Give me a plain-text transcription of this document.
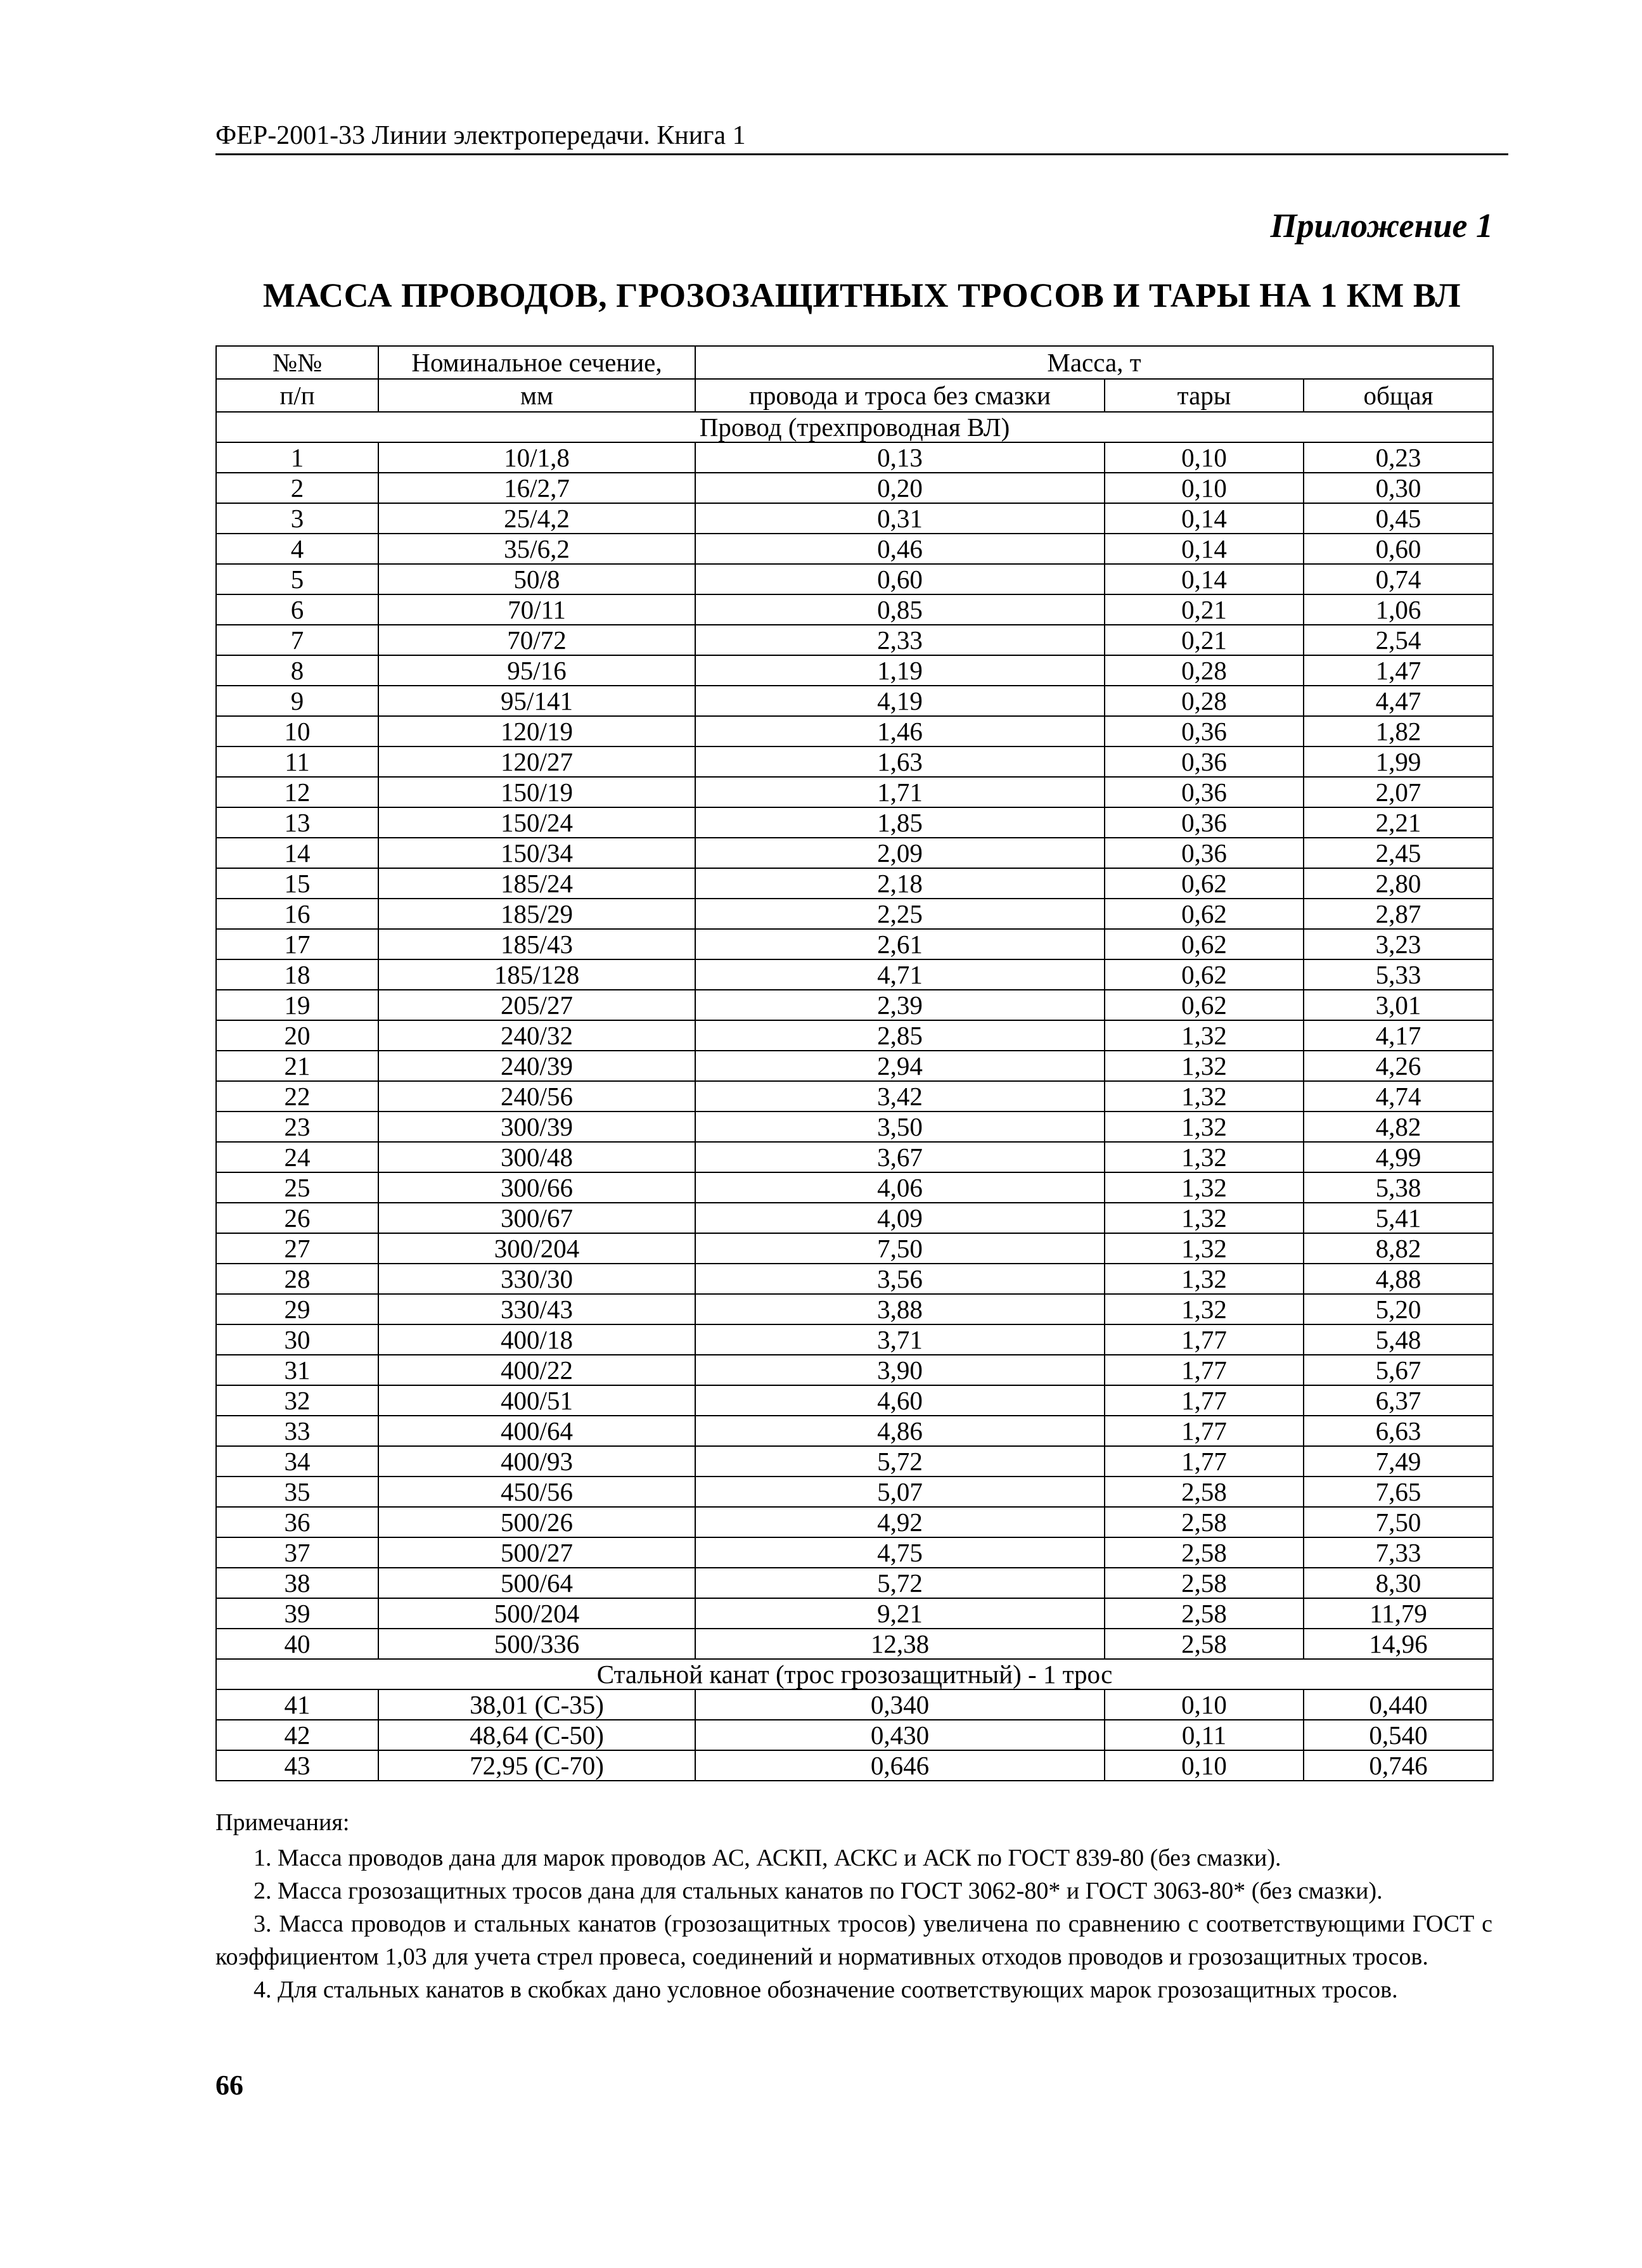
ФЕР-2001-33 Линии электропередачи. Книга 1
Приложение 1
МАССА ПРОВОДОВ, ГРОЗОЗАЩИТНЫХ ТРОСОВ И ТАРЫ НА 1 КМ ВЛ
№№	Номинальное сечение,	Масса, т		
п/п	мм	провода и троса без смазки	тары	общая
Провод (трехпроводная ВЛ)				
1	10/1,8	0,13	0,10	0,23
2	16/2,7	0,20	0,10	0,30
3	25/4,2	0,31	0,14	0,45
4	35/6,2	0,46	0,14	0,60
5	50/8	0,60	0,14	0,74
6	70/11	0,85	0,21	1,06
7	70/72	2,33	0,21	2,54
8	95/16	1,19	0,28	1,47
9	95/141	4,19	0,28	4,47
10	120/19	1,46	0,36	1,82
11	120/27	1,63	0,36	1,99
12	150/19	1,71	0,36	2,07
13	150/24	1,85	0,36	2,21
14	150/34	2,09	0,36	2,45
15	185/24	2,18	0,62	2,80
16	185/29	2,25	0,62	2,87
17	185/43	2,61	0,62	3,23
18	185/128	4,71	0,62	5,33
19	205/27	2,39	0,62	3,01
20	240/32	2,85	1,32	4,17
21	240/39	2,94	1,32	4,26
22	240/56	3,42	1,32	4,74
23	300/39	3,50	1,32	4,82
24	300/48	3,67	1,32	4,99
25	300/66	4,06	1,32	5,38
26	300/67	4,09	1,32	5,41
27	300/204	7,50	1,32	8,82
28	330/30	3,56	1,32	4,88
29	330/43	3,88	1,32	5,20
30	400/18	3,71	1,77	5,48
31	400/22	3,90	1,77	5,67
32	400/51	4,60	1,77	6,37
33	400/64	4,86	1,77	6,63
34	400/93	5,72	1,77	7,49
35	450/56	5,07	2,58	7,65
36	500/26	4,92	2,58	7,50
37	500/27	4,75	2,58	7,33
38	500/64	5,72	2,58	8,30
39	500/204	9,21	2,58	11,79
40	500/336	12,38	2,58	14,96
Стальной канат (трос грозозащитный) - 1 трос				
41	38,01 (С-35)	0,340	0,10	0,440
42	48,64 (С-50)	0,430	0,11	0,540
43	72,95 (С-70)	0,646	0,10	0,746
Примечания:

1. Масса проводов дана для марок проводов АС, АСКП, АСКС и АСК по ГОСТ 839-80 (без смазки).

2. Масса грозозащитных тросов дана для стальных канатов по ГОСТ 3062-80* и ГОСТ 3063-80* (без смазки).

3. Масса проводов и стальных канатов (грозозащитных тросов) увеличена по сравнению с соответствующими ГОСТ с коэффициентом 1,03 для учета стрел провеса, соединений и нормативных отходов проводов и грозозащитных тросов.

4. Для стальных канатов в скобках дано условное обозначение соответствующих марок грозозащитных тросов.

66
